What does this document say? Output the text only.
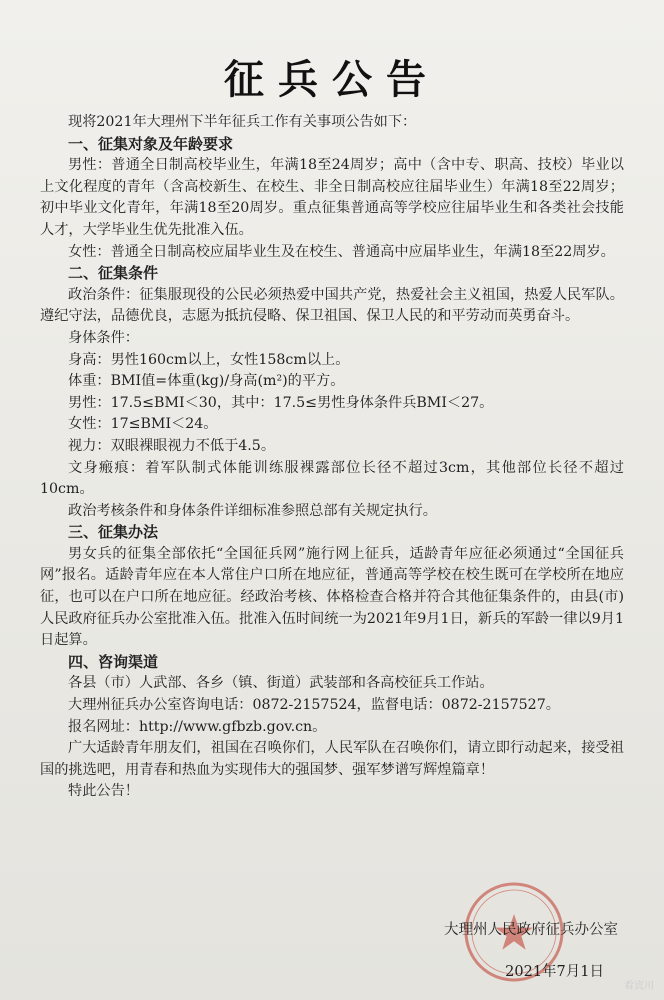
征兵公告

现将2021年大理州下半年征兵工作有关事项公告如下：

一、征集对象及年龄要求

男性：普通全日制高校毕业生，年满18至24周岁；高中（含中专、职高、技校）毕业以上文化程度的青年（含高校新生、在校生、非全日制高校应往届毕业生）年满18至22周岁；初中毕业文化青年，年满18至20周岁。重点征集普通高等学校应往届毕业生和各类社会技能人才，大学毕业生优先批准入伍。

女性：普通全日制高校应届毕业生及在校生、普通高中应届毕业生，年满18至22周岁。

二、征集条件

政治条件：征集服现役的公民必须热爱中国共产党，热爱社会主义祖国，热爱人民军队。遵纪守法，品德优良，志愿为抵抗侵略、保卫祖国、保卫人民的和平劳动而英勇奋斗。

身体条件：

身高：男性160cm以上，女性158cm以上。

体重：BMI值=体重(kg)/身高(m²)的平方。

男性：17.5≤BMI＜30，其中：17.5≤男性身体条件兵BMI＜27。

女性：17≤BMI＜24。

视力：双眼裸眼视力不低于4.5。

文身瘢痕：着军队制式体能训练服裸露部位长径不超过3cm，其他部位长径不超过10cm。

政治考核条件和身体条件详细标准参照总部有关规定执行。

三、征集办法

男女兵的征集全部依托“全国征兵网”施行网上征兵，适龄青年应征必须通过“全国征兵网”报名。适龄青年应在本人常住户口所在地应征，普通高等学校在校生既可在学校所在地应征，也可以在户口所在地应征。经政治考核、体格检查合格并符合其他征集条件的，由县(市)人民政府征兵办公室批准入伍。批准入伍时间统一为2021年9月1日，新兵的军龄一律以9月1日起算。

四、咨询渠道

各县（市）人武部、各乡（镇、街道）武装部和各高校征兵工作站。

大理州征兵办公室咨询电话：0872-2157524，监督电话：0872-2157527。

报名网址：http://www.gfbzb.gov.cn。

广大适龄青年朋友们，祖国在召唤你们，人民军队在召唤你们，请立即行动起来，接受祖国的挑选吧，用青春和热血为实现伟大的强国梦、强军梦谱写辉煌篇章！

特此公告！

大理州人民政府征兵办公室
2021年7月1日
看宾川
